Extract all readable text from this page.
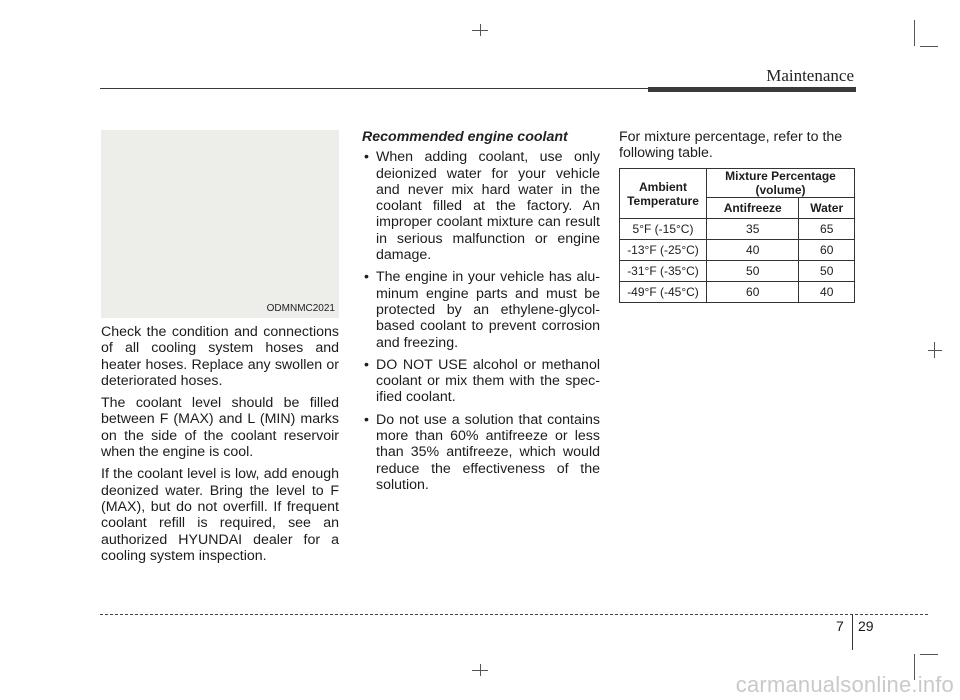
Maintenance
ODMNMC2021

Check the condition and connections of all cooling system hoses and heater hoses. Replace any swollen or deteriorated hoses.

The coolant level should be filled between F (MAX) and L (MIN) marks on the side of the coolant reservoir when the engine is cool.

If the coolant level is low, add enough deonized water. Bring the level to F (MAX), but do not overfill. If frequent coolant refill is required, see an authorized HYUNDAI dealer for a cooling system inspection.

Recommended engine coolant
• When adding coolant, use only deionized water for your vehicle and never mix hard water in the coolant filled at the factory. An improper coolant mixture can result in serious malfunction or engine damage.
• The engine in your vehicle has alu-minum engine parts and must be protected by an ethylene-glycol-based coolant to prevent corrosion and freezing.
• DO NOT USE alcohol or methanol coolant or mix them with the spec-ified coolant.
• Do not use a solution that contains more than 60% antifreeze or less than 35% antifreeze, which would reduce the effectiveness of the solution.

For mixture percentage, refer to the following table.

Ambient Temperature	Mixture Percentage (volume)	
	Antifreeze	Water
5°F (-15°C)	35	65
-13°F (-25°C)	40	60
-31°F (-35°C)	50	50
-49°F (-45°C)	60	40
7 29
carmanualsonline.info
